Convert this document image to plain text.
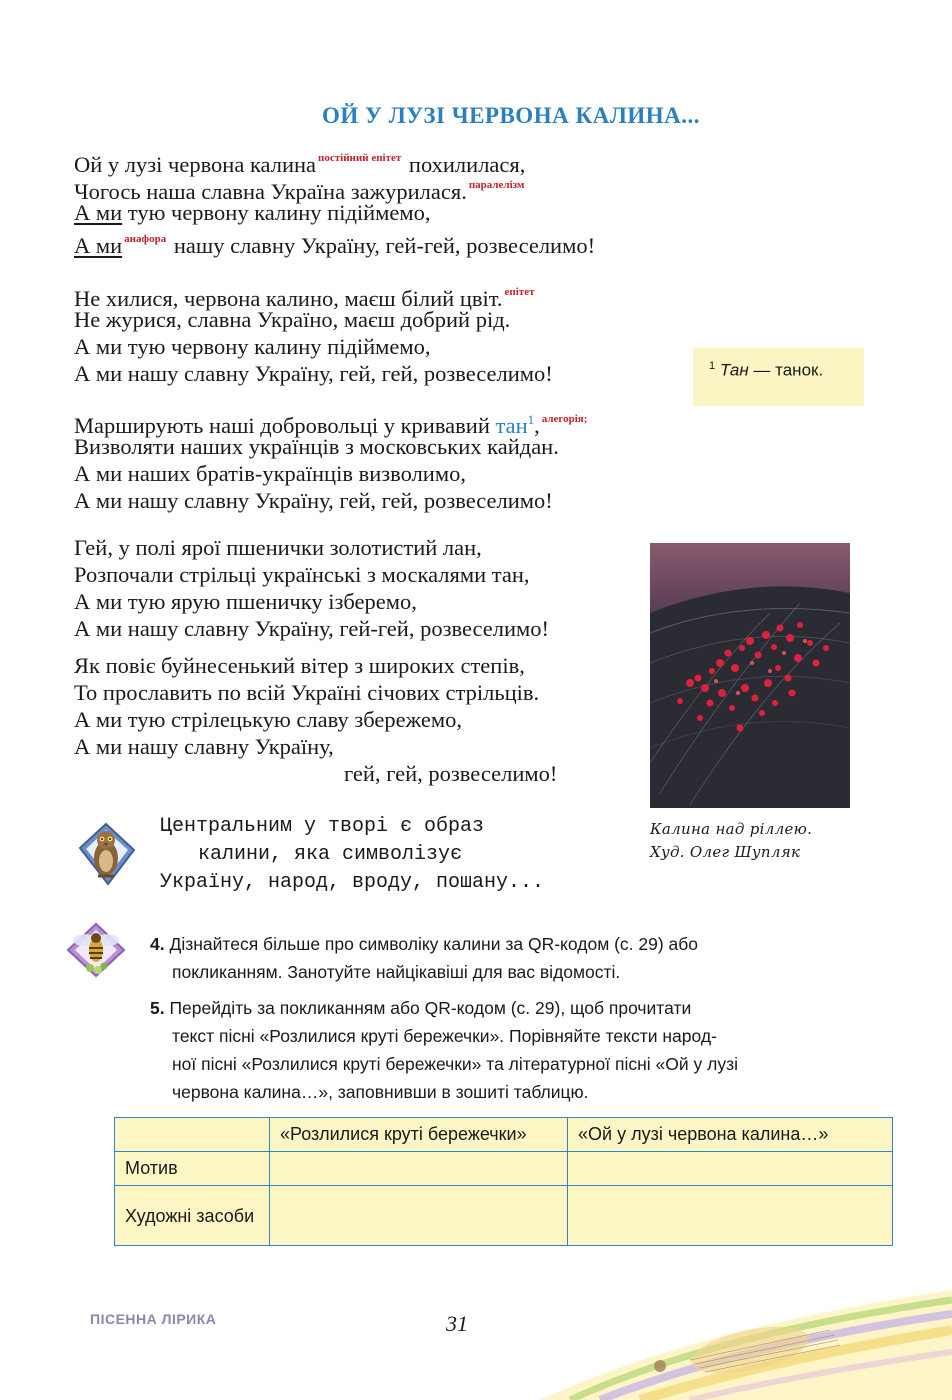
ОЙ У ЛУЗІ ЧЕРВОНА КАЛИНА...
Ой у лузі червона калина $^{постійний епітет}$ похилилася,
Чогось наша славна Україна зажурилася. $^{паралелізм}$
А ми тую червону калину підіймемо,
А ми $^{анафора}$ нашу славну Україну, гей-гей, розвеселимо!
Не хилися, червона калино, маєш білий цвіт. $^{епітет}$
Не журися, славна Україно, маєш добрий рід.
А ми тую червону калину підіймемо,
А ми нашу славну Україну, гей, гей, розвеселимо!	$^1$ Тан — танок.
Марширують наші добровольці у кривавий тан$^1$, $^{алегорія;}$
Визволяти наших українців з московських кайдан.
А ми наших братів-українців визволимо,
А ми нашу славну Україну, гей, гей, розвеселимо!
Гей, у полі ярої пшенички золотистий лан,
Розпочали стрільці українські з москалями тан,
А ми тую ярую пшеничку ізберемо,
А ми нашу славну Україну, гей-гей, розвеселимо!
Як повіє буйнесенький вітер з широких степів,
То прославить по всій Україні січових стрільців.
А ми тую стрілецькую славу збережемо,
А ми нашу славну Україну,
гей, гей, розвеселимо!
Калина над ріллею.
Худ. Олег Шупляк
Центральним у творі є образ
калини, яка символізує
Україну, народ, вроду, пошану...
4. Дізнайтеся більше про символіку калини за QR-кодом (с. 29) або
покликанням. Занотуйте найцікавіші для вас відомості.
5. Перейдіть за покликанням або QR-кодом (с. 29), щоб прочитати
текст пісні «Розлилися круті бережечки». Порівняйте тексти народ-
ної пісні «Розлилися круті бережечки» та літературної пісні «Ой у лузі
червона калина…», заповнивши в зошиті таблицю.
	«Розлилися круті бережечки»	«Ой у лузі червона калина…»
Мотив		
Художні засоби		
ПІСЕННА ЛІРИКА	31
